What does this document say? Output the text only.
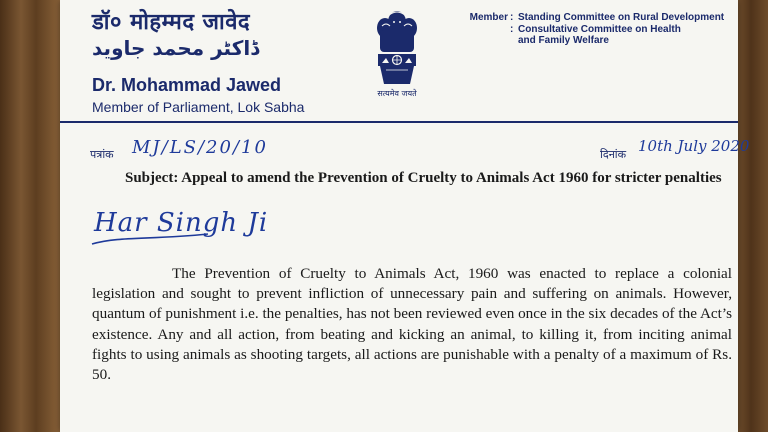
डॉ० मोहम्मद जावेद
ڈاکٹر محمد جاوید
Dr. Mohammad Jawed
Member of Parliament, Lok Sabha
सत्यमेव जयते
Member : Standing Committee on Rural Development
: Consultative Committee on Health
and Family Welfare
पत्रांक MJ/LS/20/10	दिनांक 10th July 2020
Subject: Appeal to amend the Prevention of Cruelty to Animals Act 1960 for stricter penalties
Har Singh Ji
The Prevention of Cruelty to Animals Act, 1960 was enacted to replace a colonial legislation and sought to prevent infliction of unnecessary pain and suffering on animals. However, quantum of punishment i.e. the penalties, has not been reviewed even once in the six decades of the Act’s existence. Any and all action, from beating and kicking an animal, to killing it, from inciting animal fights to using animals as shooting targets, all actions are punishable with a penalty of a maximum of Rs. 50.
